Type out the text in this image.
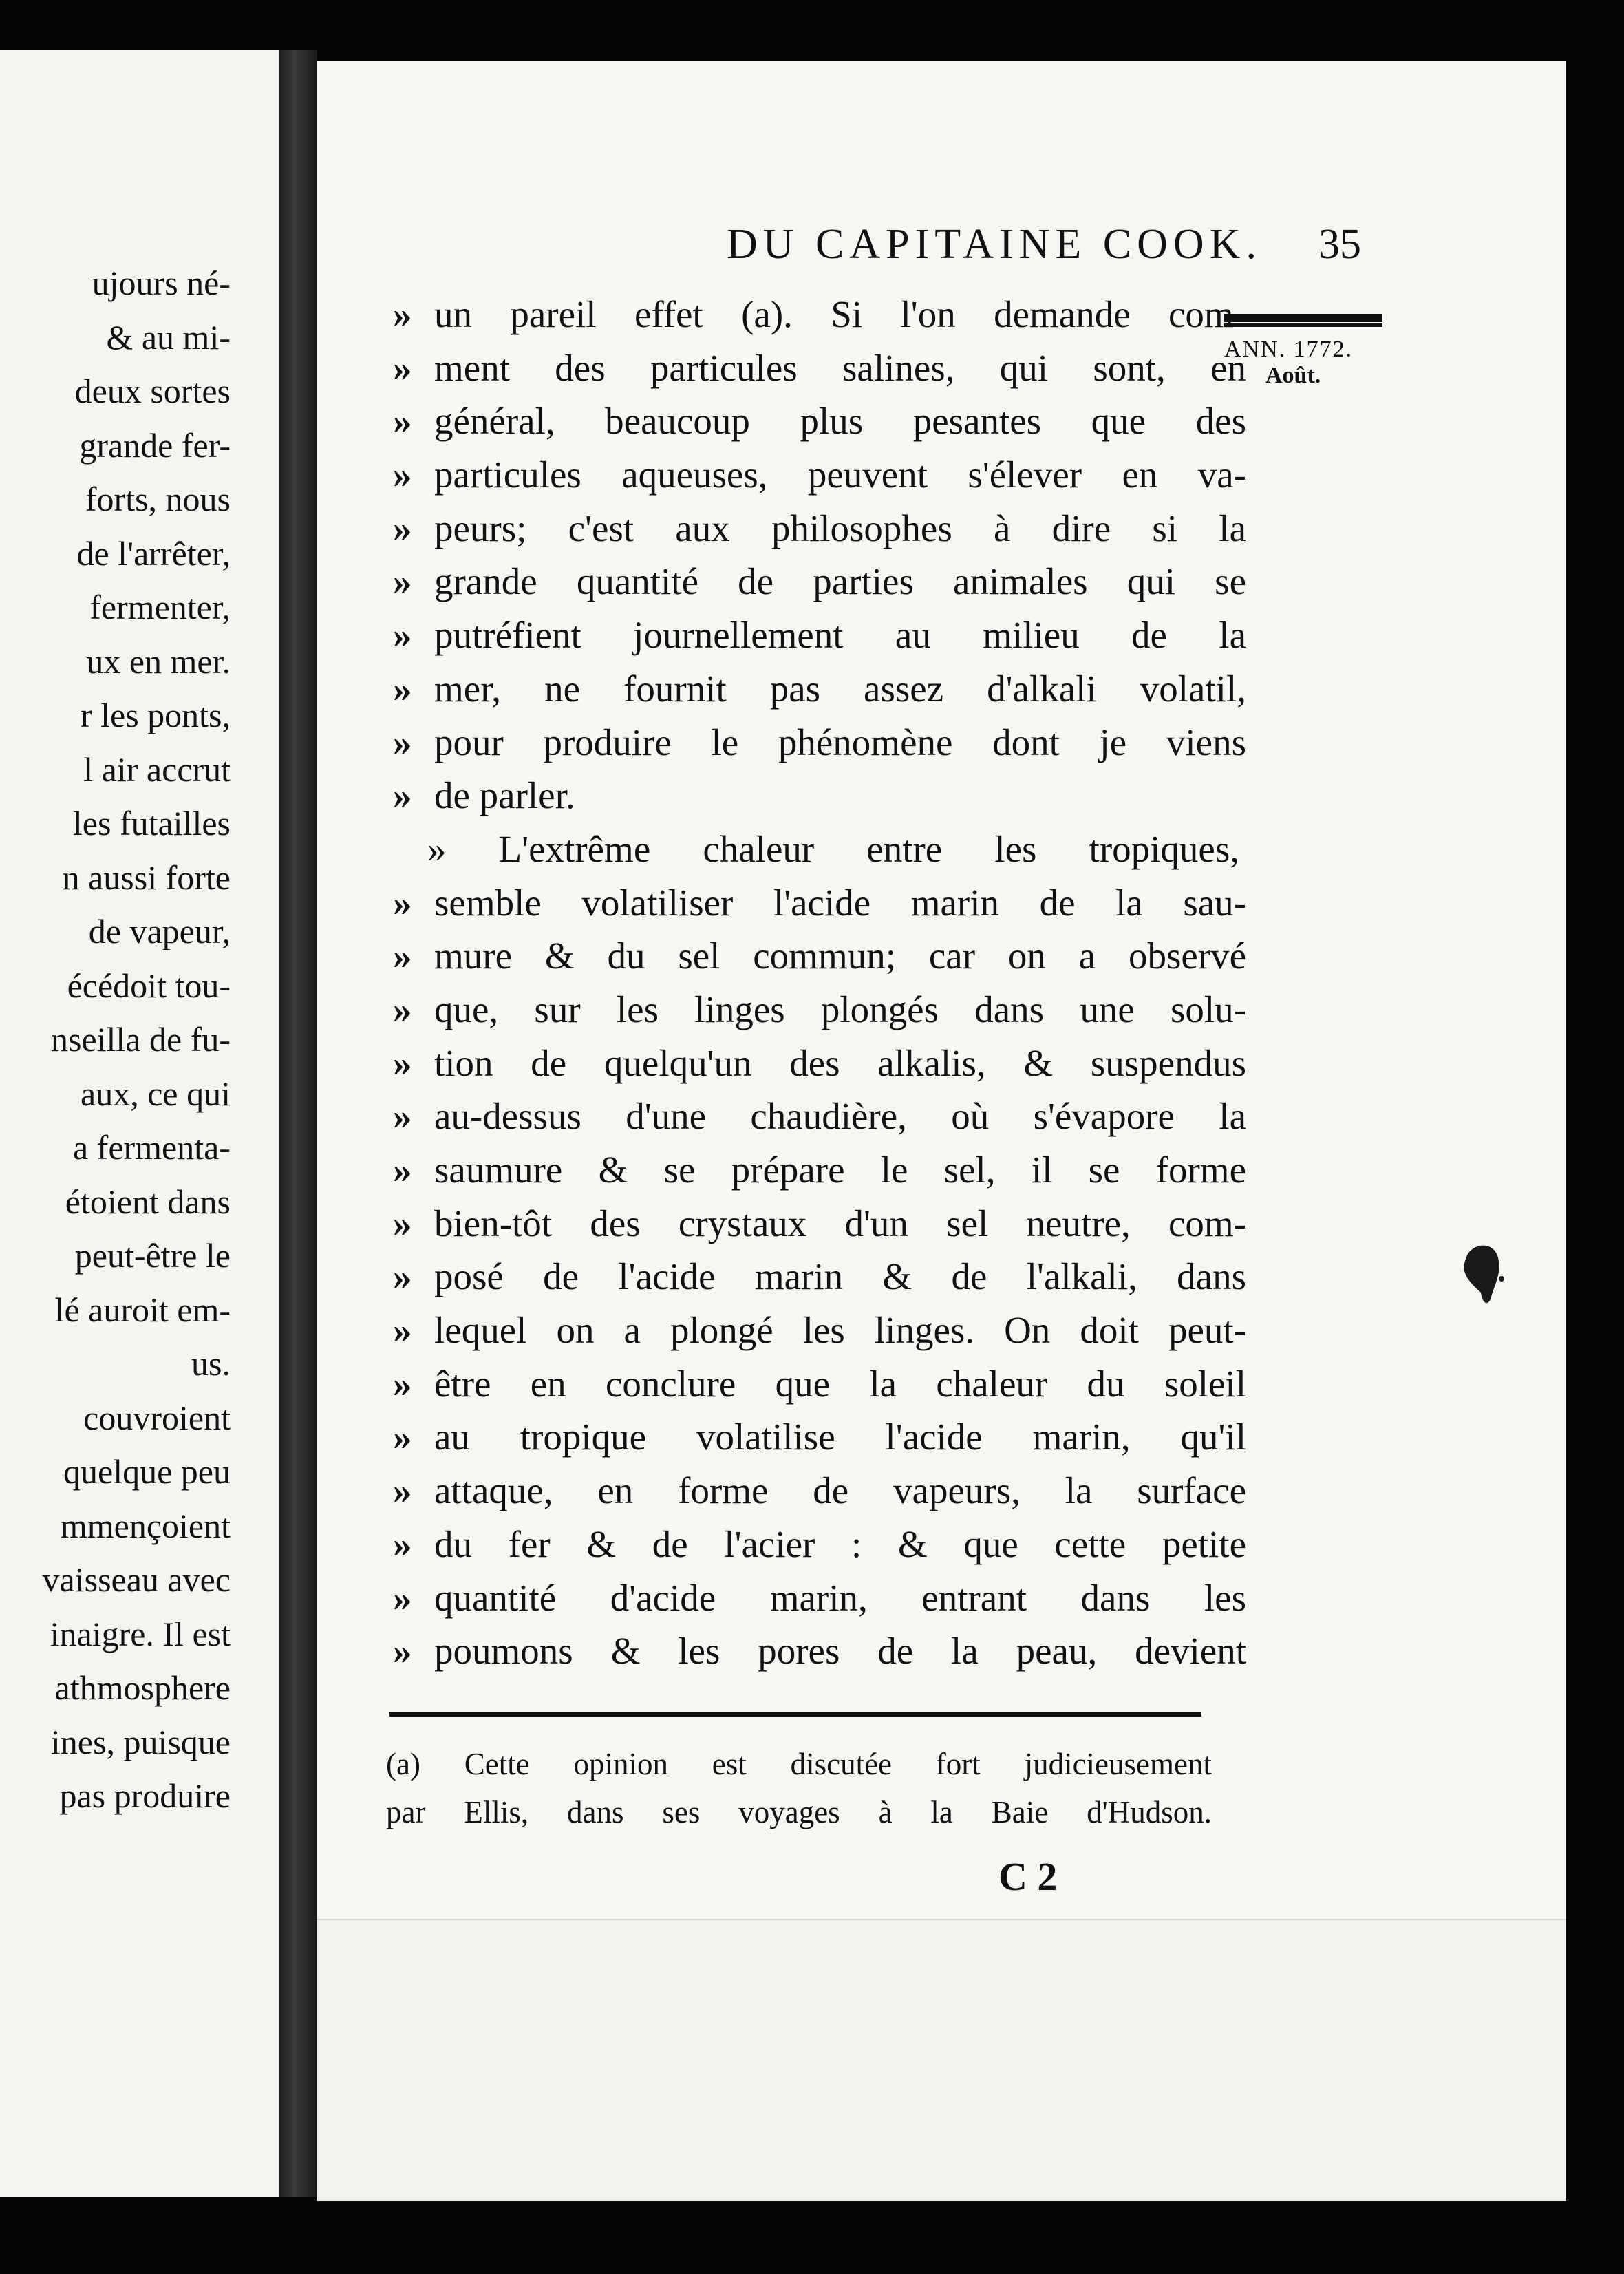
ujours né-
& au mi-
deux sortes
grande fer-
forts, nous
de l'arrêter,
fermenter,
ux en mer.
r les ponts,
l air accrut
les futailles
n aussi forte
de vapeur,
écédoit tou-
nseilla de fu-
aux, ce qui
a fermenta-
étoient dans
peut-être le
lé auroit em-
us.
couvroient
quelque peu
mmençoient
vaisseau avec
inaigre. Il est
athmosphere
ines, puisque
pas produire
DU CAPITAINE COOK. 35
ANN. 1772.
Août.
» un pareil effet (a). Si l'on demande com-
» ment des particules salines, qui sont, en
» général, beaucoup plus pesantes que des
» particules aqueuses, peuvent s'élever en va-
» peurs; c'est aux philosophes à dire si la
» grande quantité de parties animales qui se
» putréfient journellement au milieu de la
» mer, ne fournit pas assez d'alkali volatil,
» pour produire le phénomène dont je viens
» de parler.
» L'extrême chaleur entre les tropiques,
» semble volatiliser l'acide marin de la sau-
» mure & du sel commun; car on a observé
» que, sur les linges plongés dans une solu-
» tion de quelqu'un des alkalis, & suspendus
» au-dessus d'une chaudière, où s'évapore la
» saumure & se prépare le sel, il se forme
» bien-tôt des crystaux d'un sel neutre, com-
» posé de l'acide marin & de l'alkali, dans
» lequel on a plongé les linges. On doit peut-
» être en conclure que la chaleur du soleil
» au tropique volatilise l'acide marin, qu'il
» attaque, en forme de vapeurs, la surface
» du fer & de l'acier : & que cette petite
» quantité d'acide marin, entrant dans les
» poumons & les pores de la peau, devient
(a) Cette opinion est discutée fort judicieusement
par Ellis, dans ses voyages à la Baie d'Hudson.
C 2
